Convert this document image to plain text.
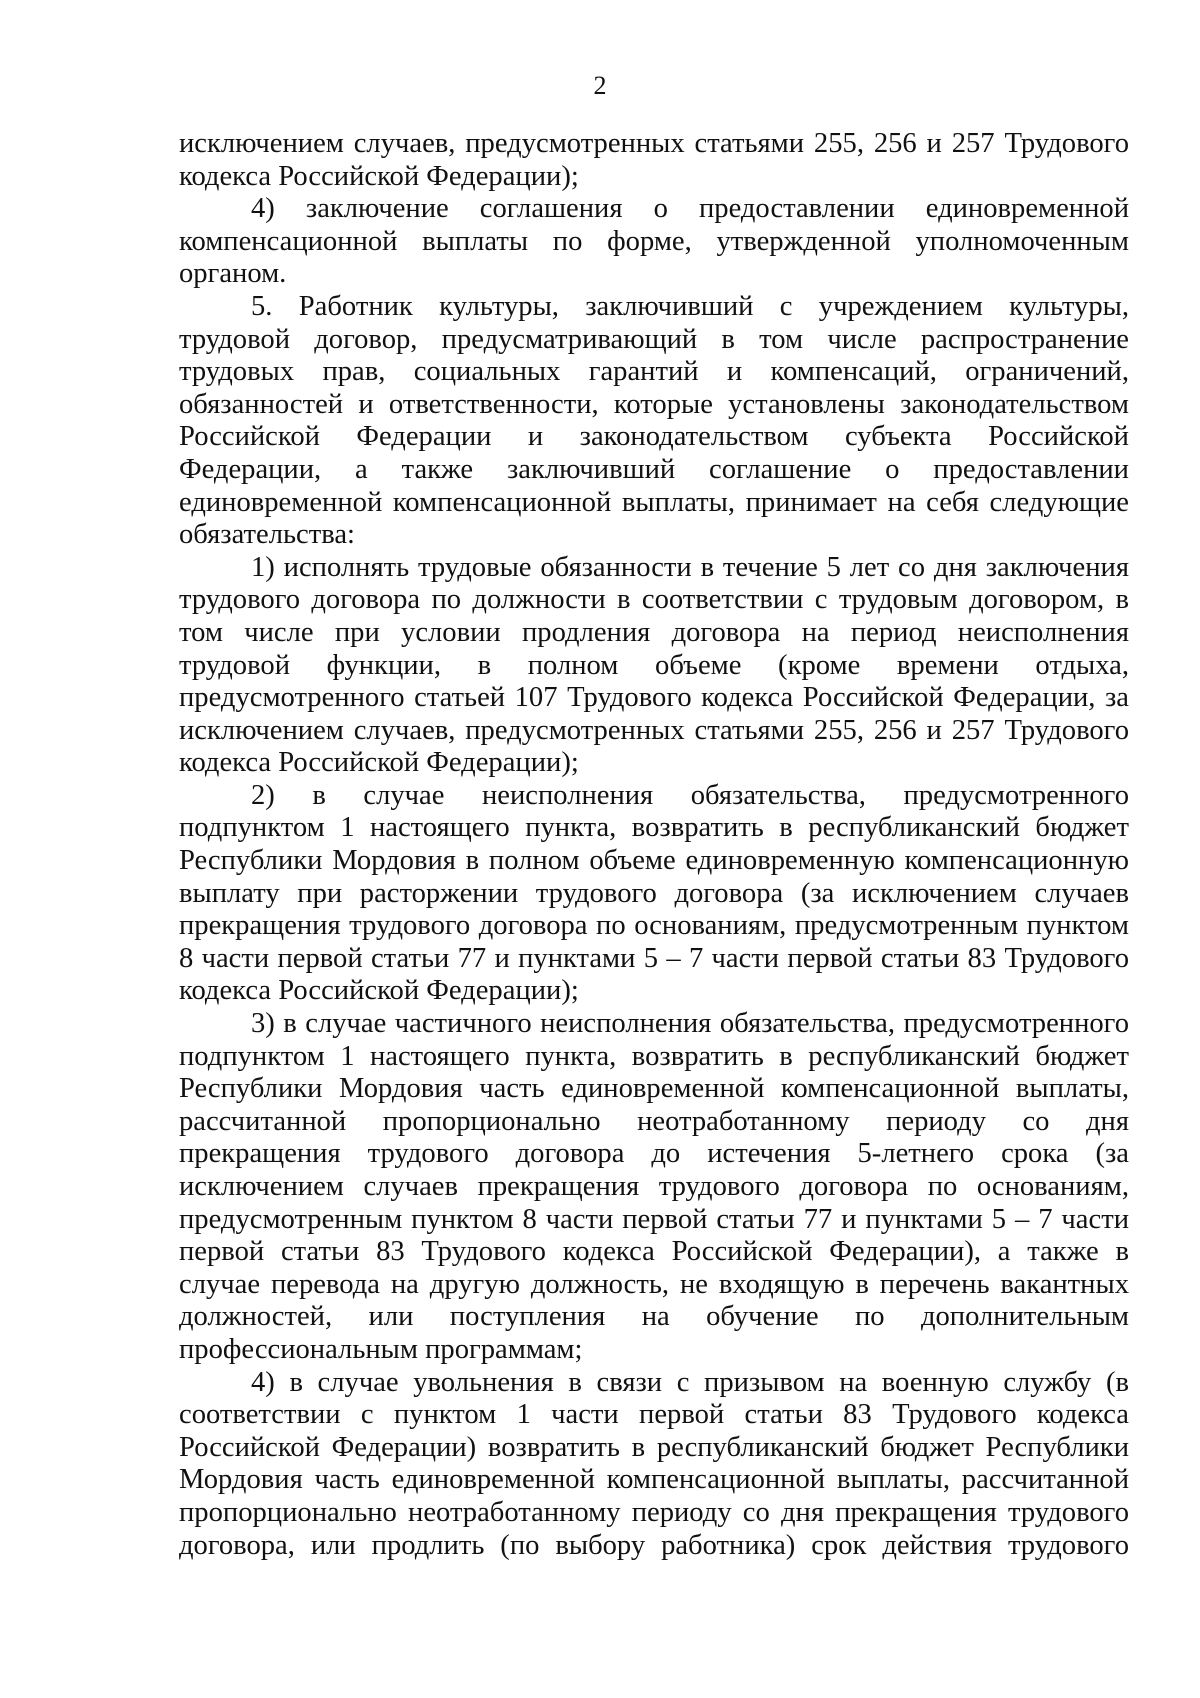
2

исключением случаев, предусмотренных статьями 255, 256 и 257 Трудового кодекса Российской Федерации);

4) заключение соглашения о предоставлении единовременной компенсационной выплаты по форме, утвержденной уполномоченным органом.

5. Работник культуры, заключивший с учреждением культуры, трудовой договор, предусматривающий в том числе распространение трудовых прав, социальных гарантий и компенсаций, ограничений, обязанностей и ответственности, которые установлены законодательством Российской Федерации и законодательством субъекта Российской Федерации, а также заключивший соглашение о предоставлении единовременной компенсационной выплаты, принимает на себя следующие обязательства:

1) исполнять трудовые обязанности в течение 5 лет со дня заключения трудового договора по должности в соответствии с трудовым договором, в том числе при условии продления договора на период неисполнения трудовой функции, в полном объеме (кроме времени отдыха, предусмотренного статьей 107 Трудового кодекса Российской Федерации, за исключением случаев, предусмотренных статьями 255, 256 и 257 Трудового кодекса Российской Федерации);

2) в случае неисполнения обязательства, предусмотренного подпунктом 1 настоящего пункта, возвратить в республиканский бюджет Республики Мордовия в полном объеме единовременную компенсационную выплату при расторжении трудового договора (за исключением случаев прекращения трудового договора по основаниям, предусмотренным пунктом 8 части первой статьи 77 и пунктами 5 – 7 части первой статьи 83 Трудового кодекса Российской Федерации);

3) в случае частичного неисполнения обязательства, предусмотренного подпунктом 1 настоящего пункта, возвратить в республиканский бюджет Республики Мордовия часть единовременной компенсационной выплаты, рассчитанной пропорционально неотработанному периоду со дня прекращения трудового договора до истечения 5-летнего срока (за исключением случаев прекращения трудового договора по основаниям, предусмотренным пунктом 8 части первой статьи 77 и пунктами 5 – 7 части первой статьи 83 Трудового кодекса Российской Федерации), а также в случае перевода на другую должность, не входящую в перечень вакантных должностей, или поступления на обучение по дополнительным профессиональным программам;

4) в случае увольнения в связи с призывом на военную службу (в соответствии с пунктом 1 части первой статьи 83 Трудового кодекса Российской Федерации) возвратить в республиканский бюджет Республики Мордовия часть единовременной компенсационной выплаты, рассчитанной пропорционально неотработанному периоду со дня прекращения трудового договора, или продлить (по выбору работника) срок действия трудового
